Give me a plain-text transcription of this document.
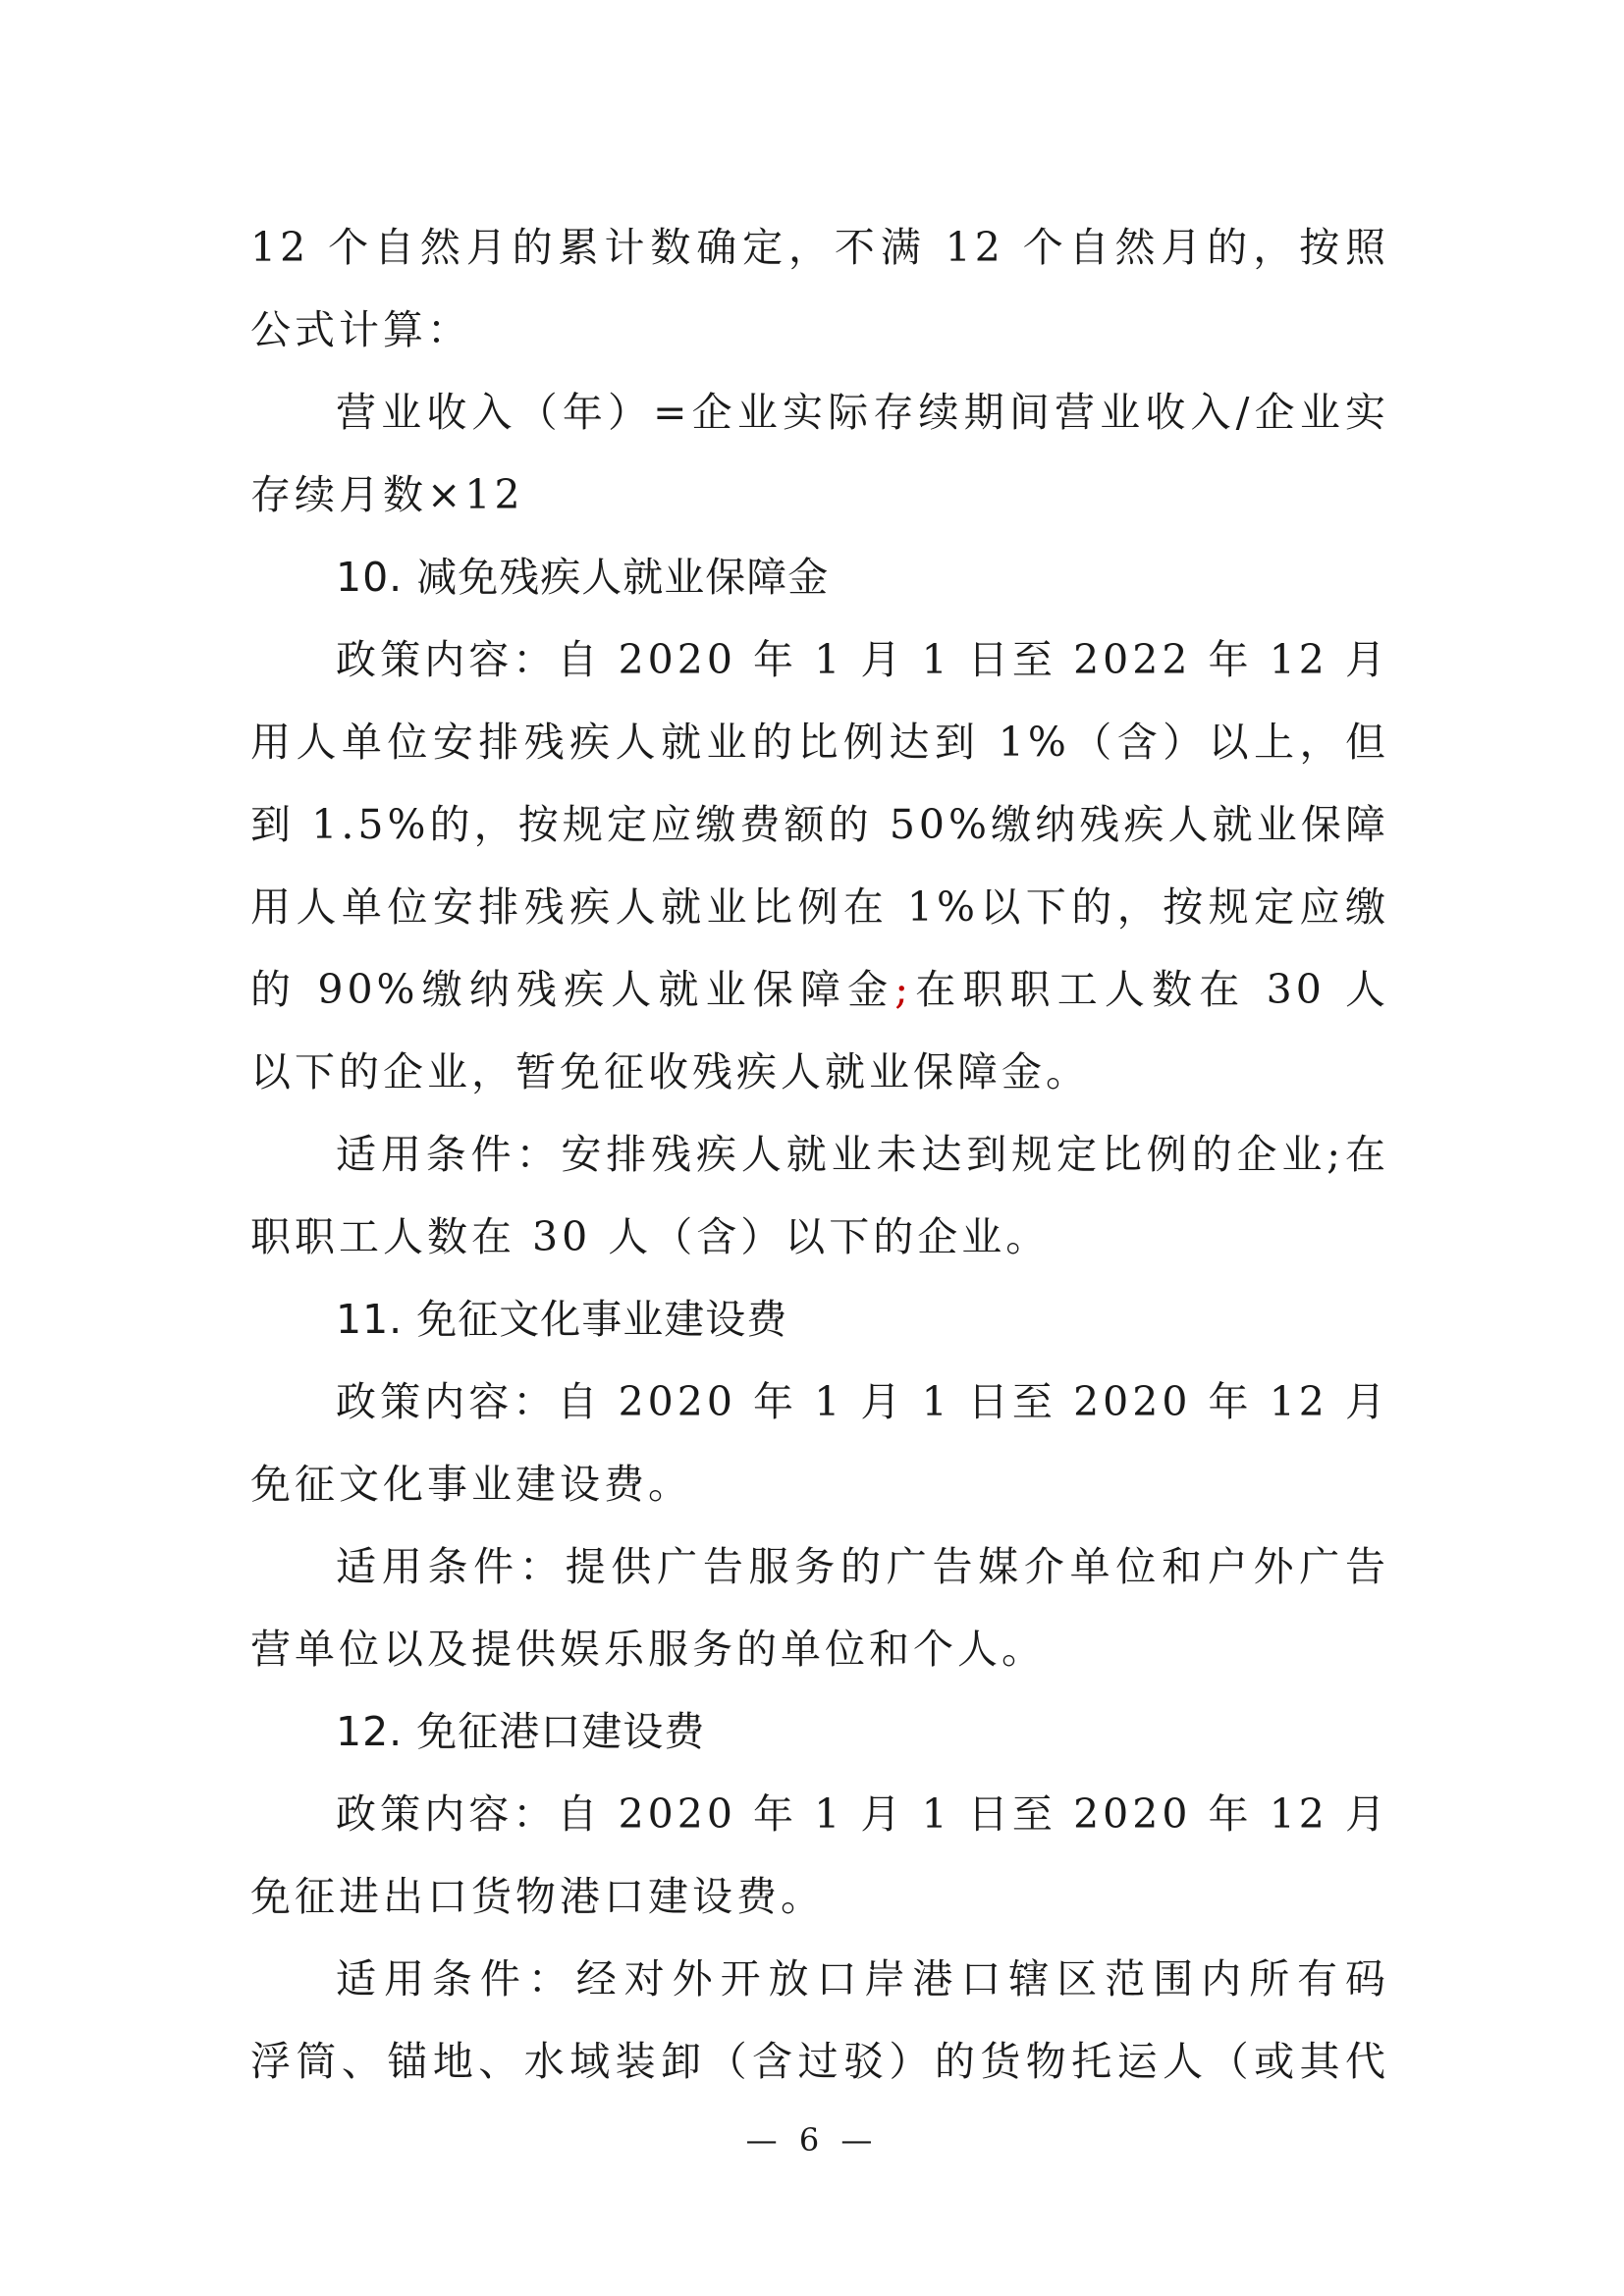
12 个自然月的累计数确定，不满 12 个自然月的，按照
公式计算：
营业收入（年）=企业实际存续期间营业收入/企业实
存续月数×12
10. 减免残疾人就业保障金
政策内容：自 2020 年 1 月 1 日至 2022 年 12 月
用人单位安排残疾人就业的比例达到 1%（含）以上，但
到 1.5%的，按规定应缴费额的 50%缴纳残疾人就业保障
用人单位安排残疾人就业比例在 1%以下的，按规定应缴
的 90%缴纳残疾人就业保障金;在职职工人数在 30 人
以下的企业，暂免征收残疾人就业保障金。
适用条件：安排残疾人就业未达到规定比例的企业;在
职职工人数在 30 人（含）以下的企业。
11. 免征文化事业建设费
政策内容：自 2020 年 1 月 1 日至 2020 年 12 月
免征文化事业建设费。
适用条件：提供广告服务的广告媒介单位和户外广告
营单位以及提供娱乐服务的单位和个人。
12. 免征港口建设费
政策内容：自 2020 年 1 月 1 日至 2020 年 12 月
免征进出口货物港口建设费。
适用条件：经对外开放口岸港口辖区范围内所有码
浮筒、锚地、水域装卸（含过驳）的货物托运人（或其代
— 6 —
